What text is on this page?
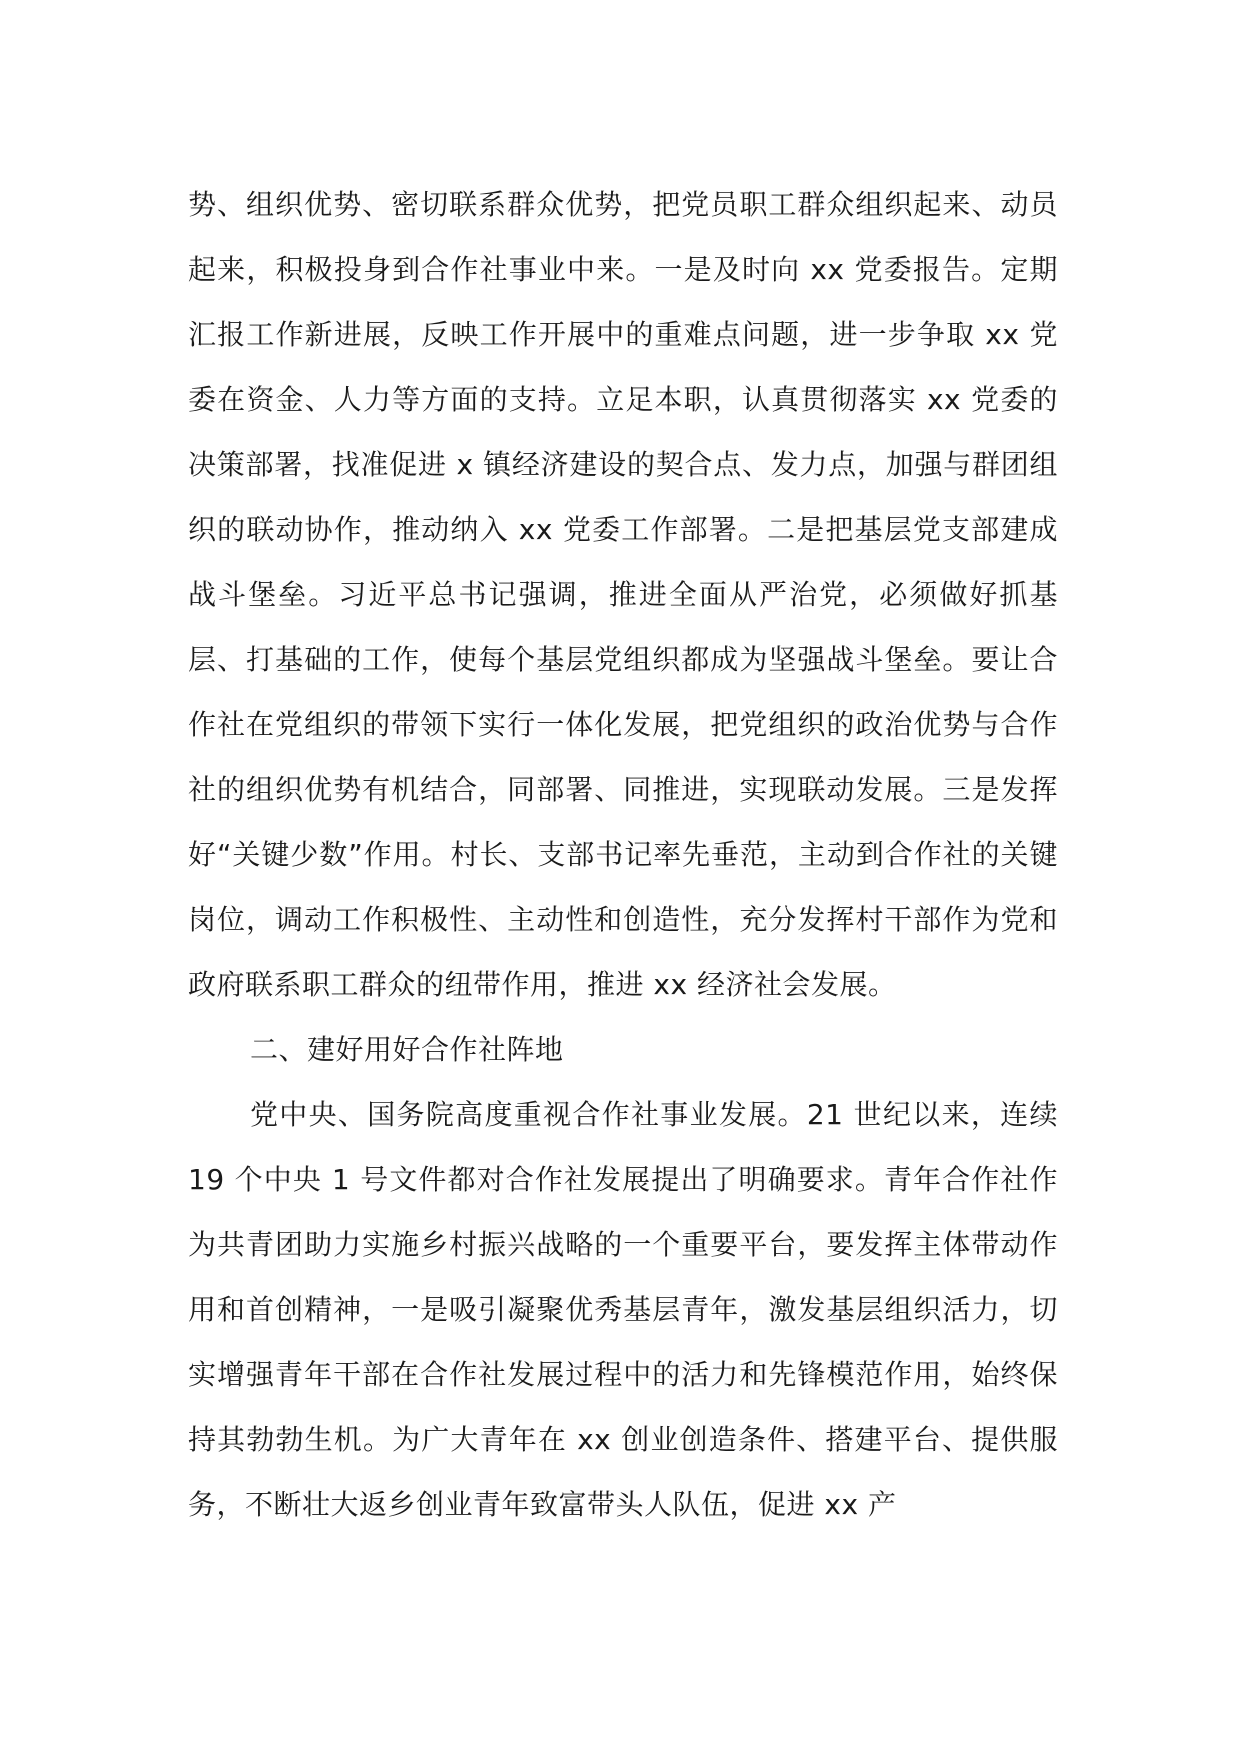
势、组织优势、密切联系群众优势，把党员职工群众组织起来、动员起来，积极投身到合作社事业中来。一是及时向 xx 党委报告。定期汇报工作新进展，反映工作开展中的重难点问题，进一步争取 xx 党委在资金、人力等方面的支持。立足本职，认真贯彻落实 xx 党委的决策部署，找准促进 x 镇经济建设的契合点、发力点，加强与群团组织的联动协作，推动纳入 xx 党委工作部署。二是把基层党支部建成战斗堡垒。习近平总书记强调，推进全面从严治党，必须做好抓基层、打基础的工作，使每个基层党组织都成为坚强战斗堡垒。要让合作社在党组织的带领下实行一体化发展，把党组织的政治优势与合作社的组织优势有机结合，同部署、同推进，实现联动发展。三是发挥好“关键少数”作用。村长、支部书记率先垂范，主动到合作社的关键岗位，调动工作积极性、主动性和创造性，充分发挥村干部作为党和政府联系职工群众的纽带作用，推进 xx 经济社会发展。

二、建好用好合作社阵地

党中央、国务院高度重视合作社事业发展。21 世纪以来，连续 19 个中央 1 号文件都对合作社发展提出了明确要求。青年合作社作为共青团助力实施乡村振兴战略的一个重要平台，要发挥主体带动作用和首创精神，一是吸引凝聚优秀基层青年，激发基层组织活力，切实增强青年干部在合作社发展过程中的活力和先锋模范作用，始终保持其勃勃生机。为广大青年在 xx 创业创造条件、搭建平台、提供服务，不断壮大返乡创业青年致富带头人队伍，促进 xx 产
